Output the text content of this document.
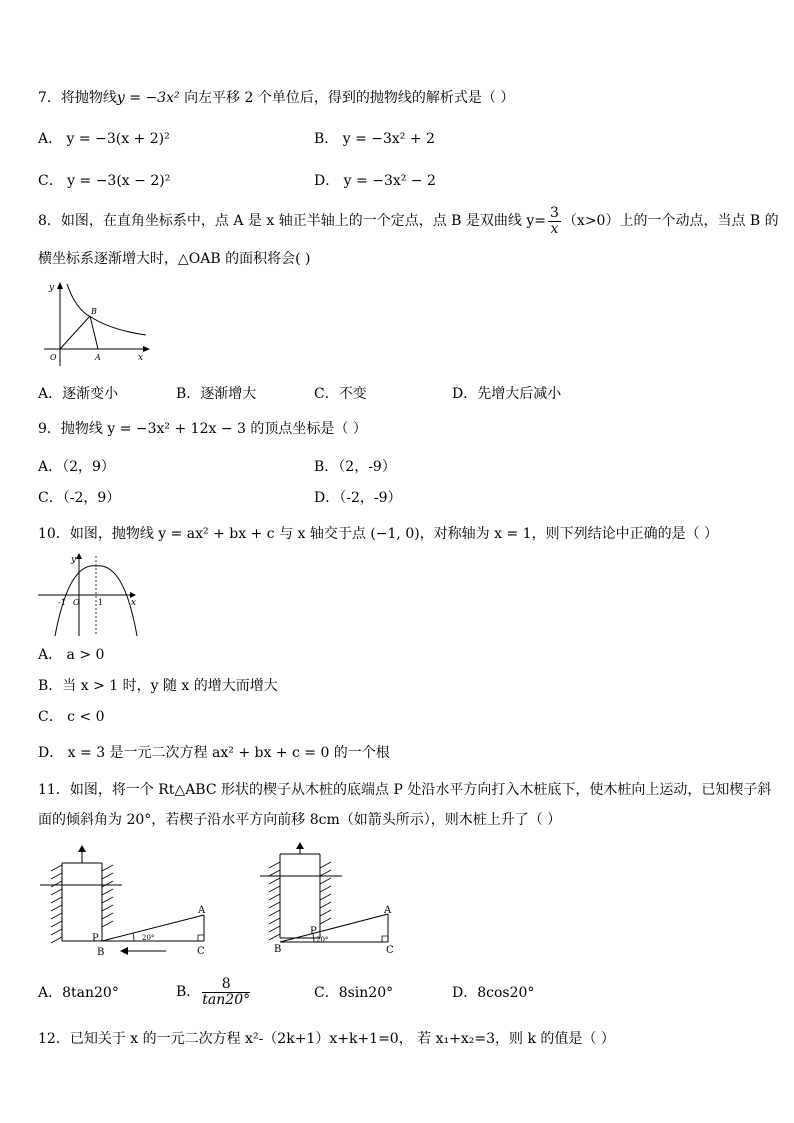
7．将抛物线y = −3x² 向左平移 2 个单位后，得到的抛物线的解析式是（ ）
A． y = −3(x + 2)²	B． y = −3x² + 2
C． y = −3(x − 2)²	D． y = −3x² − 2
8．如图，在直角坐标系中，点 A 是 x 轴正半轴上的一个定点，点 B 是双曲线 $y= \frac{3}{x} (x>0)$上的一个动点，当点 B 的
横坐标系逐渐增大时，△OAB 的面积将会( )
y
x
O	A
B
A．逐渐变小	B．逐渐增大	C．不变	D．先增大后减小
9．抛物线 y = −3x² + 12x − 3 的顶点坐标是（ ）
A．（2，9）	B．（2，-9）
C．（-2，9）	D．（-2，-9）
10．如图，抛物线 y = ax² + bx + c 与 x 轴交于点 (−1, 0)，对称轴为 x = 1，则下列结论中正确的是（ ）
y
x
O
-1	1
A． a > 0
B．当 x > 1 时，y 随 x 的增大而增大
C． c < 0
D． x = 3 是一元二次方程 ax² + bx + c = 0 的一个根
11．如图，将一个 Rt△ABC 形状的楔子从木桩的底端点 P 处沿水平方向打入木桩底下，使木桩向上运动，已知楔子斜
面的倾斜角为 20°，若楔子沿水平方向前移 8cm（如箭头所示），则木桩上升了（ ）
A
B	C
P	20°
A
B	C
P
20°
A．8tan20°	B． $\frac{8}{\tan 20^\circ}$	C．8sin20°	D．8cos20°
12．已知关于 x 的一元二次方程 x²-（2k+1）x+k+1=0， 若 x₁+x₂=3，则 k 的值是（ ）
